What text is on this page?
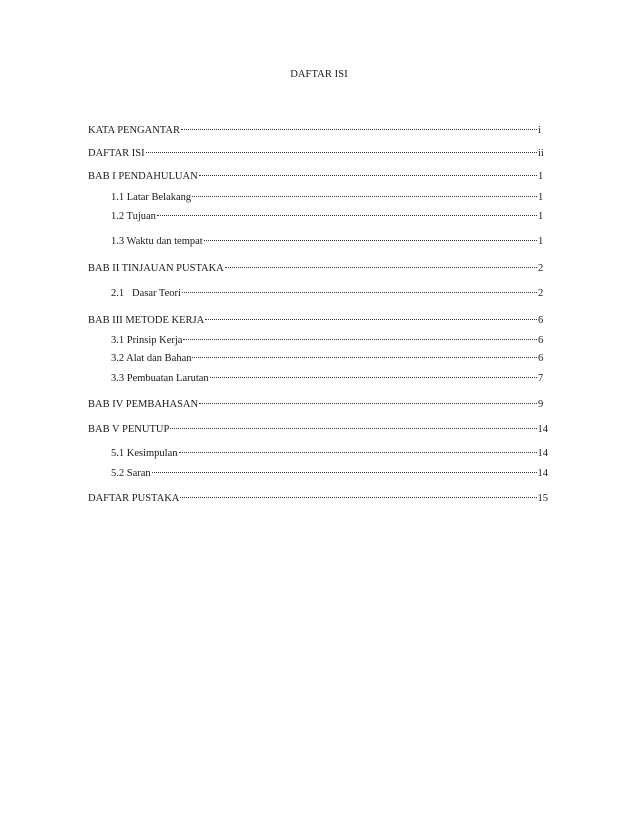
DAFTAR ISI
KATA PENGANTAR	i
DAFTAR ISI	ii
BAB I PENDAHULUAN	1
1.1 Latar Belakang	1
1.2 Tujuan	1
1.3 Waktu dan tempat	1
BAB II TINJAUAN PUSTAKA	2
2.1   Dasar Teori	2
BAB III METODE KERJA	6
3.1 Prinsip Kerja	6
3.2 Alat dan Bahan	6
3.3 Pembuatan Larutan	7
BAB IV PEMBAHASAN	9
BAB V PENUTUP	14
5.1 Kesimpulan	14
5.2 Saran	14
DAFTAR PUSTAKA	15
